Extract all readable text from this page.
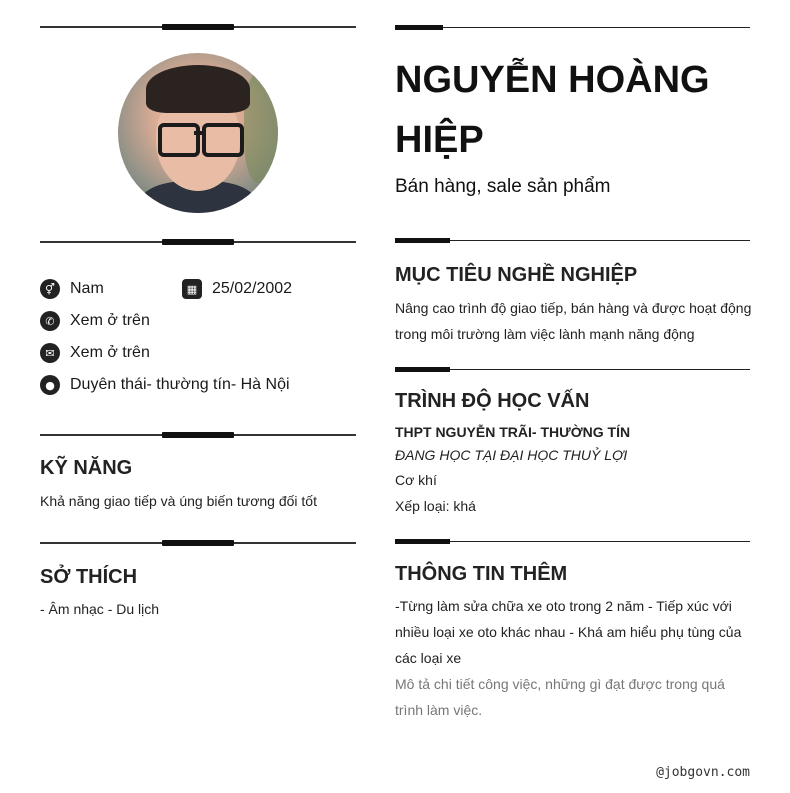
⚥ Nam	▦ 25/02/2002
✆ Xem ở trên
✉ Xem ở trên
● Duyên thái- thường tín- Hà Nội
KỸ NĂNG
Khả năng giao tiếp và úng biến tương đối tốt
SỞ THÍCH
- Âm nhạc - Du lịch
NGUYỄN HOÀNG HIỆP
Bán hàng, sale sản phẩm
MỤC TIÊU NGHỀ NGHIỆP
Nâng cao trình độ giao tiếp, bán hàng và được hoạt động trong môi trường làm việc lành mạnh năng động
TRÌNH ĐỘ HỌC VẤN
THPT NGUYỄN TRÃI- THƯỜNG TÍN
ĐANG HỌC TẠI ĐẠI HỌC THUỶ LỢI
Cơ khí
Xếp loại: khá
THÔNG TIN THÊM
-Từng làm sửa chữa xe oto trong 2 năm - Tiếp xúc với nhiều loại xe oto khác nhau - Khá am hiểu phụ tùng của các loại xe
Mô tả chi tiết công việc, những gì đạt được trong quá trình làm việc.
@jobgovn.com
